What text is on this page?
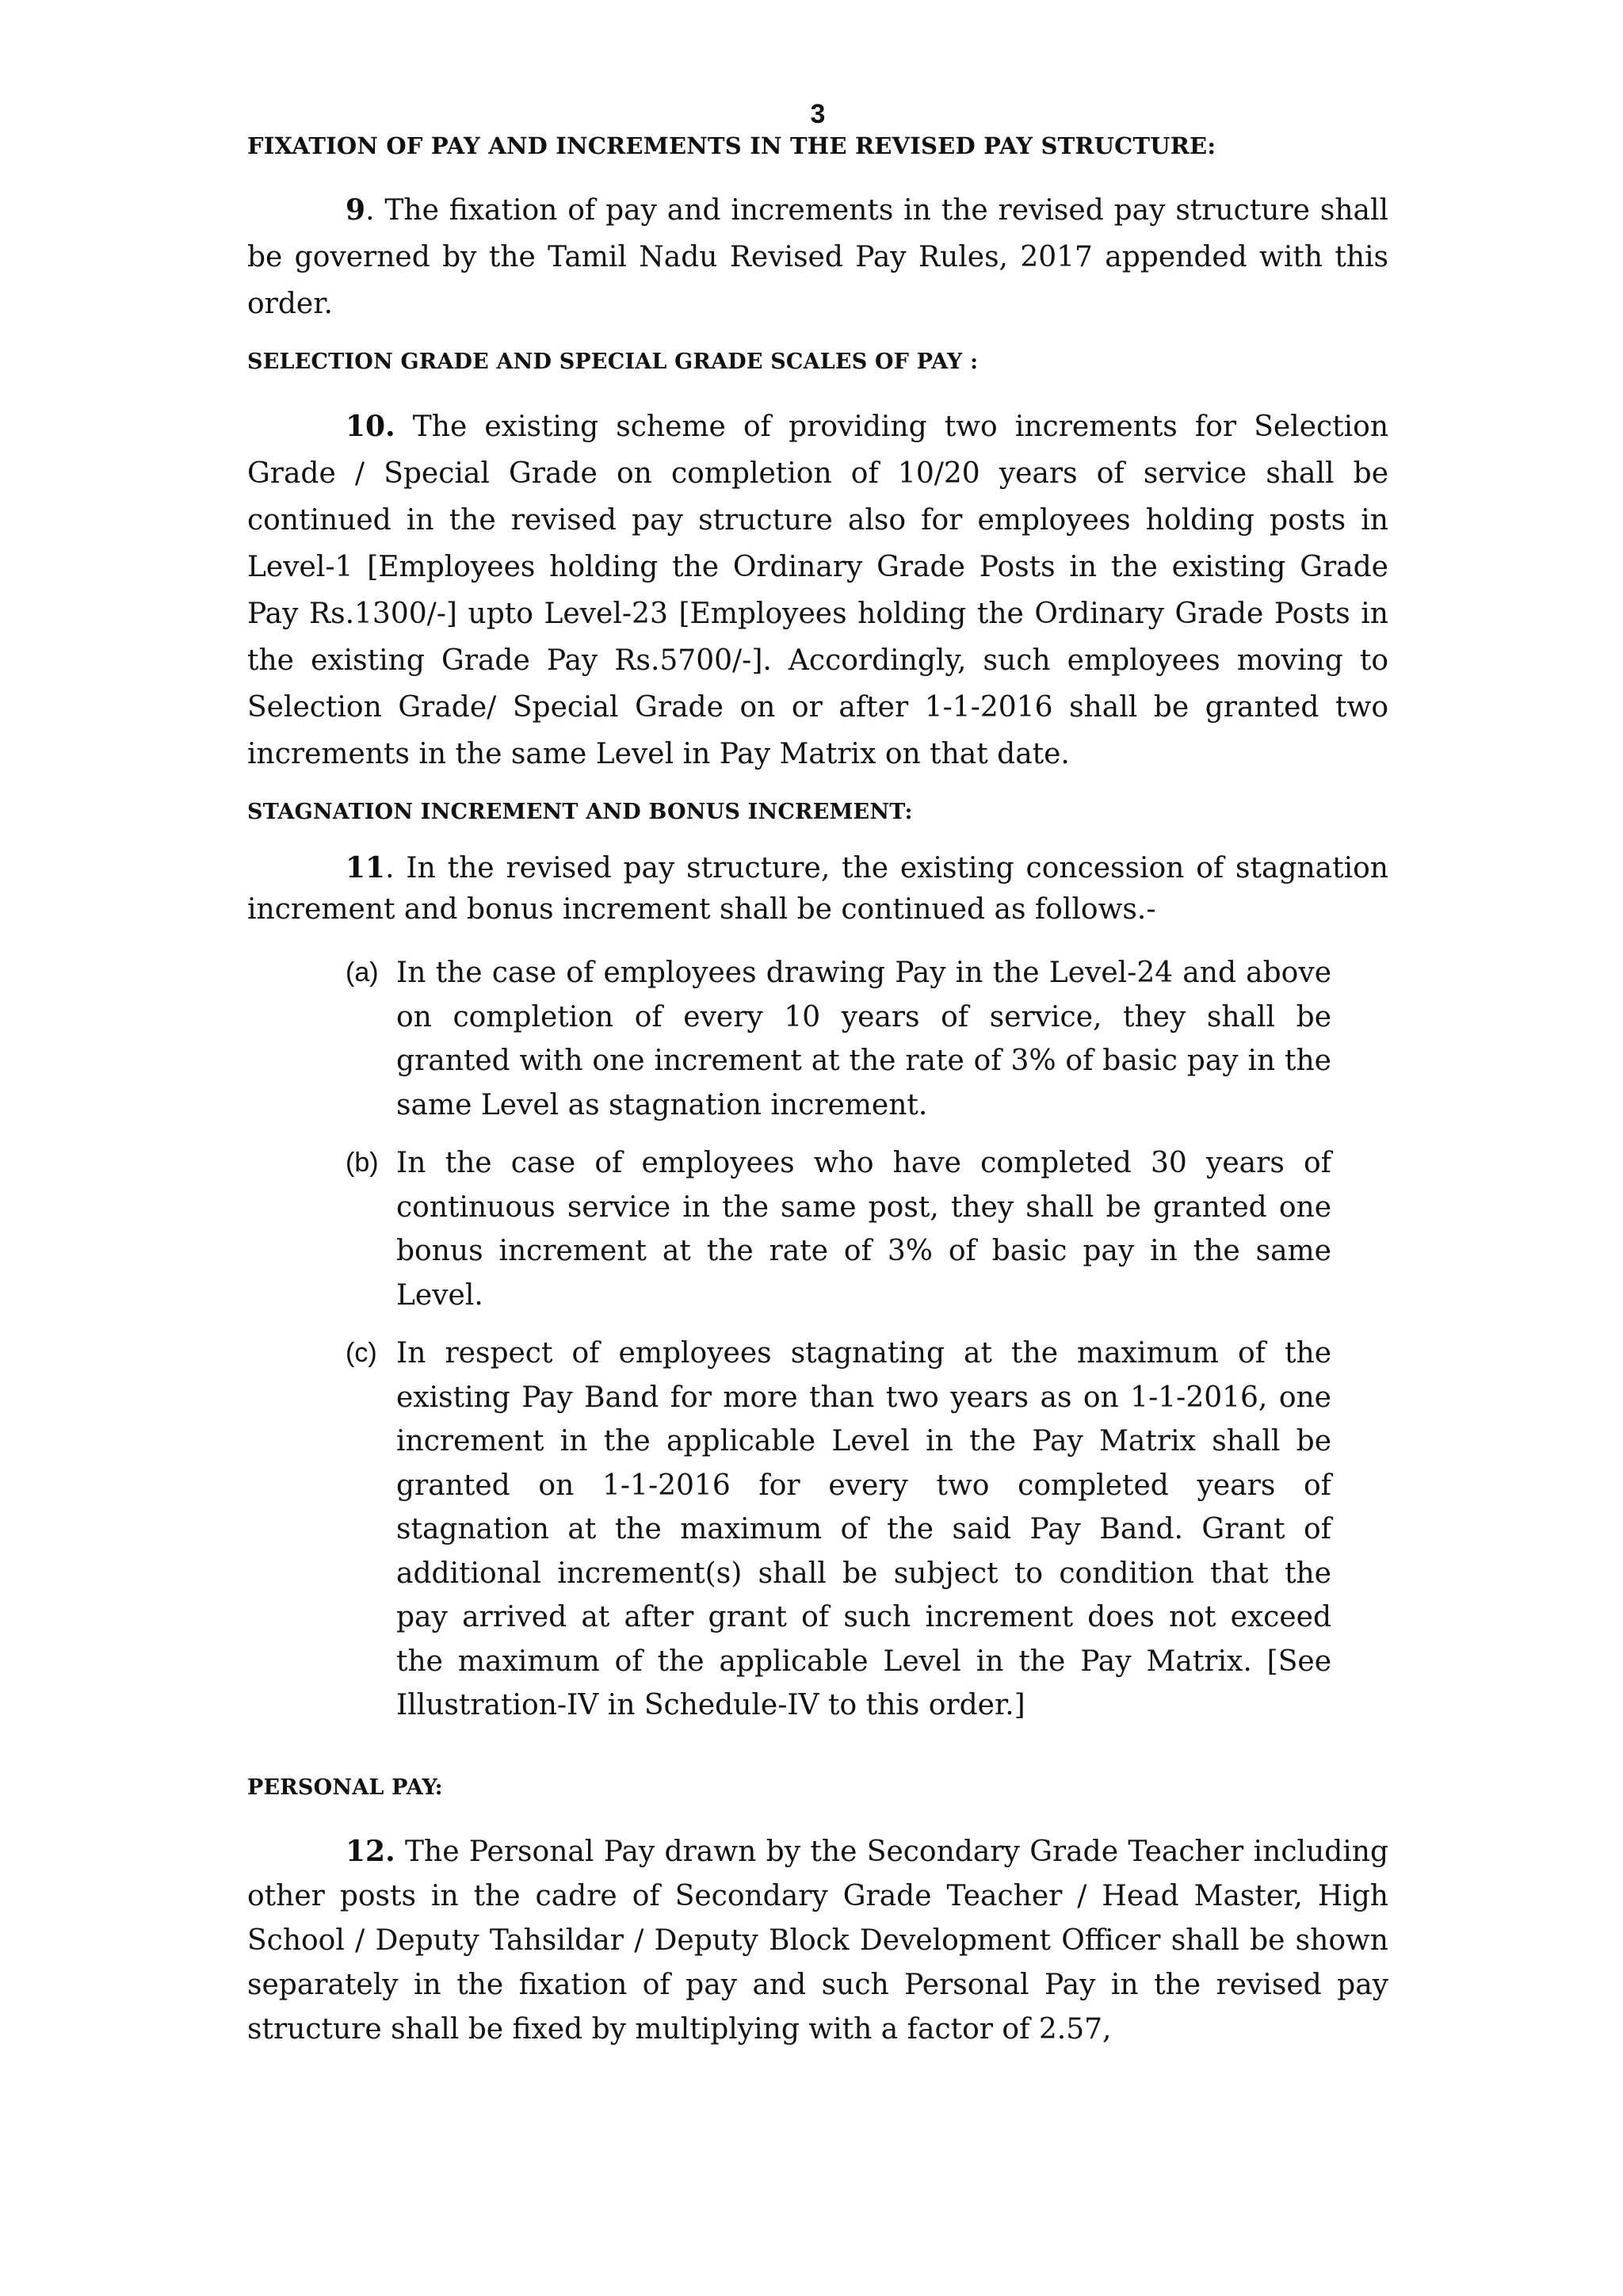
3

FIXATION OF PAY AND INCREMENTS IN THE REVISED PAY STRUCTURE:

9. The fixation of pay and increments in the revised pay structure shall be governed by the Tamil Nadu Revised Pay Rules, 2017 appended with this order.

SELECTION GRADE AND SPECIAL GRADE SCALES OF PAY :

10. The existing scheme of providing two increments for Selection Grade / Special Grade on completion of 10/20 years of service shall be continued in the revised pay structure also for employees holding posts in Level-1 [Employees holding the Ordinary Grade Posts in the existing Grade Pay Rs.1300/-] upto Level-23 [Employees holding the Ordinary Grade Posts in the existing Grade Pay Rs.5700/-]. Accordingly, such employees moving to Selection Grade/ Special Grade on or after 1-1-2016 shall be granted two increments in the same Level in Pay Matrix on that date.

STAGNATION INCREMENT AND BONUS INCREMENT:

11. In the revised pay structure, the existing concession of stagnation increment and bonus increment shall be continued as follows.-

(a) In the case of employees drawing Pay in the Level-24 and above on completion of every 10 years of service, they shall be granted with one increment at the rate of 3% of basic pay in the same Level as stagnation increment.

(b) In the case of employees who have completed 30 years of continuous service in the same post, they shall be granted one bonus increment at the rate of 3% of basic pay in the same Level.

(c) In respect of employees stagnating at the maximum of the existing Pay Band for more than two years as on 1-1-2016, one increment in the applicable Level in the Pay Matrix shall be granted on 1-1-2016 for every two completed years of stagnation at the maximum of the said Pay Band. Grant of additional increment(s) shall be subject to condition that the pay arrived at after grant of such increment does not exceed the maximum of the applicable Level in the Pay Matrix. [See Illustration-IV in Schedule-IV to this order.]

PERSONAL PAY:

12. The Personal Pay drawn by the Secondary Grade Teacher including other posts in the cadre of Secondary Grade Teacher / Head Master, High School / Deputy Tahsildar / Deputy Block Development Officer shall be shown separately in the fixation of pay and such Personal Pay in the revised pay structure shall be fixed by multiplying with a factor of 2.57,
